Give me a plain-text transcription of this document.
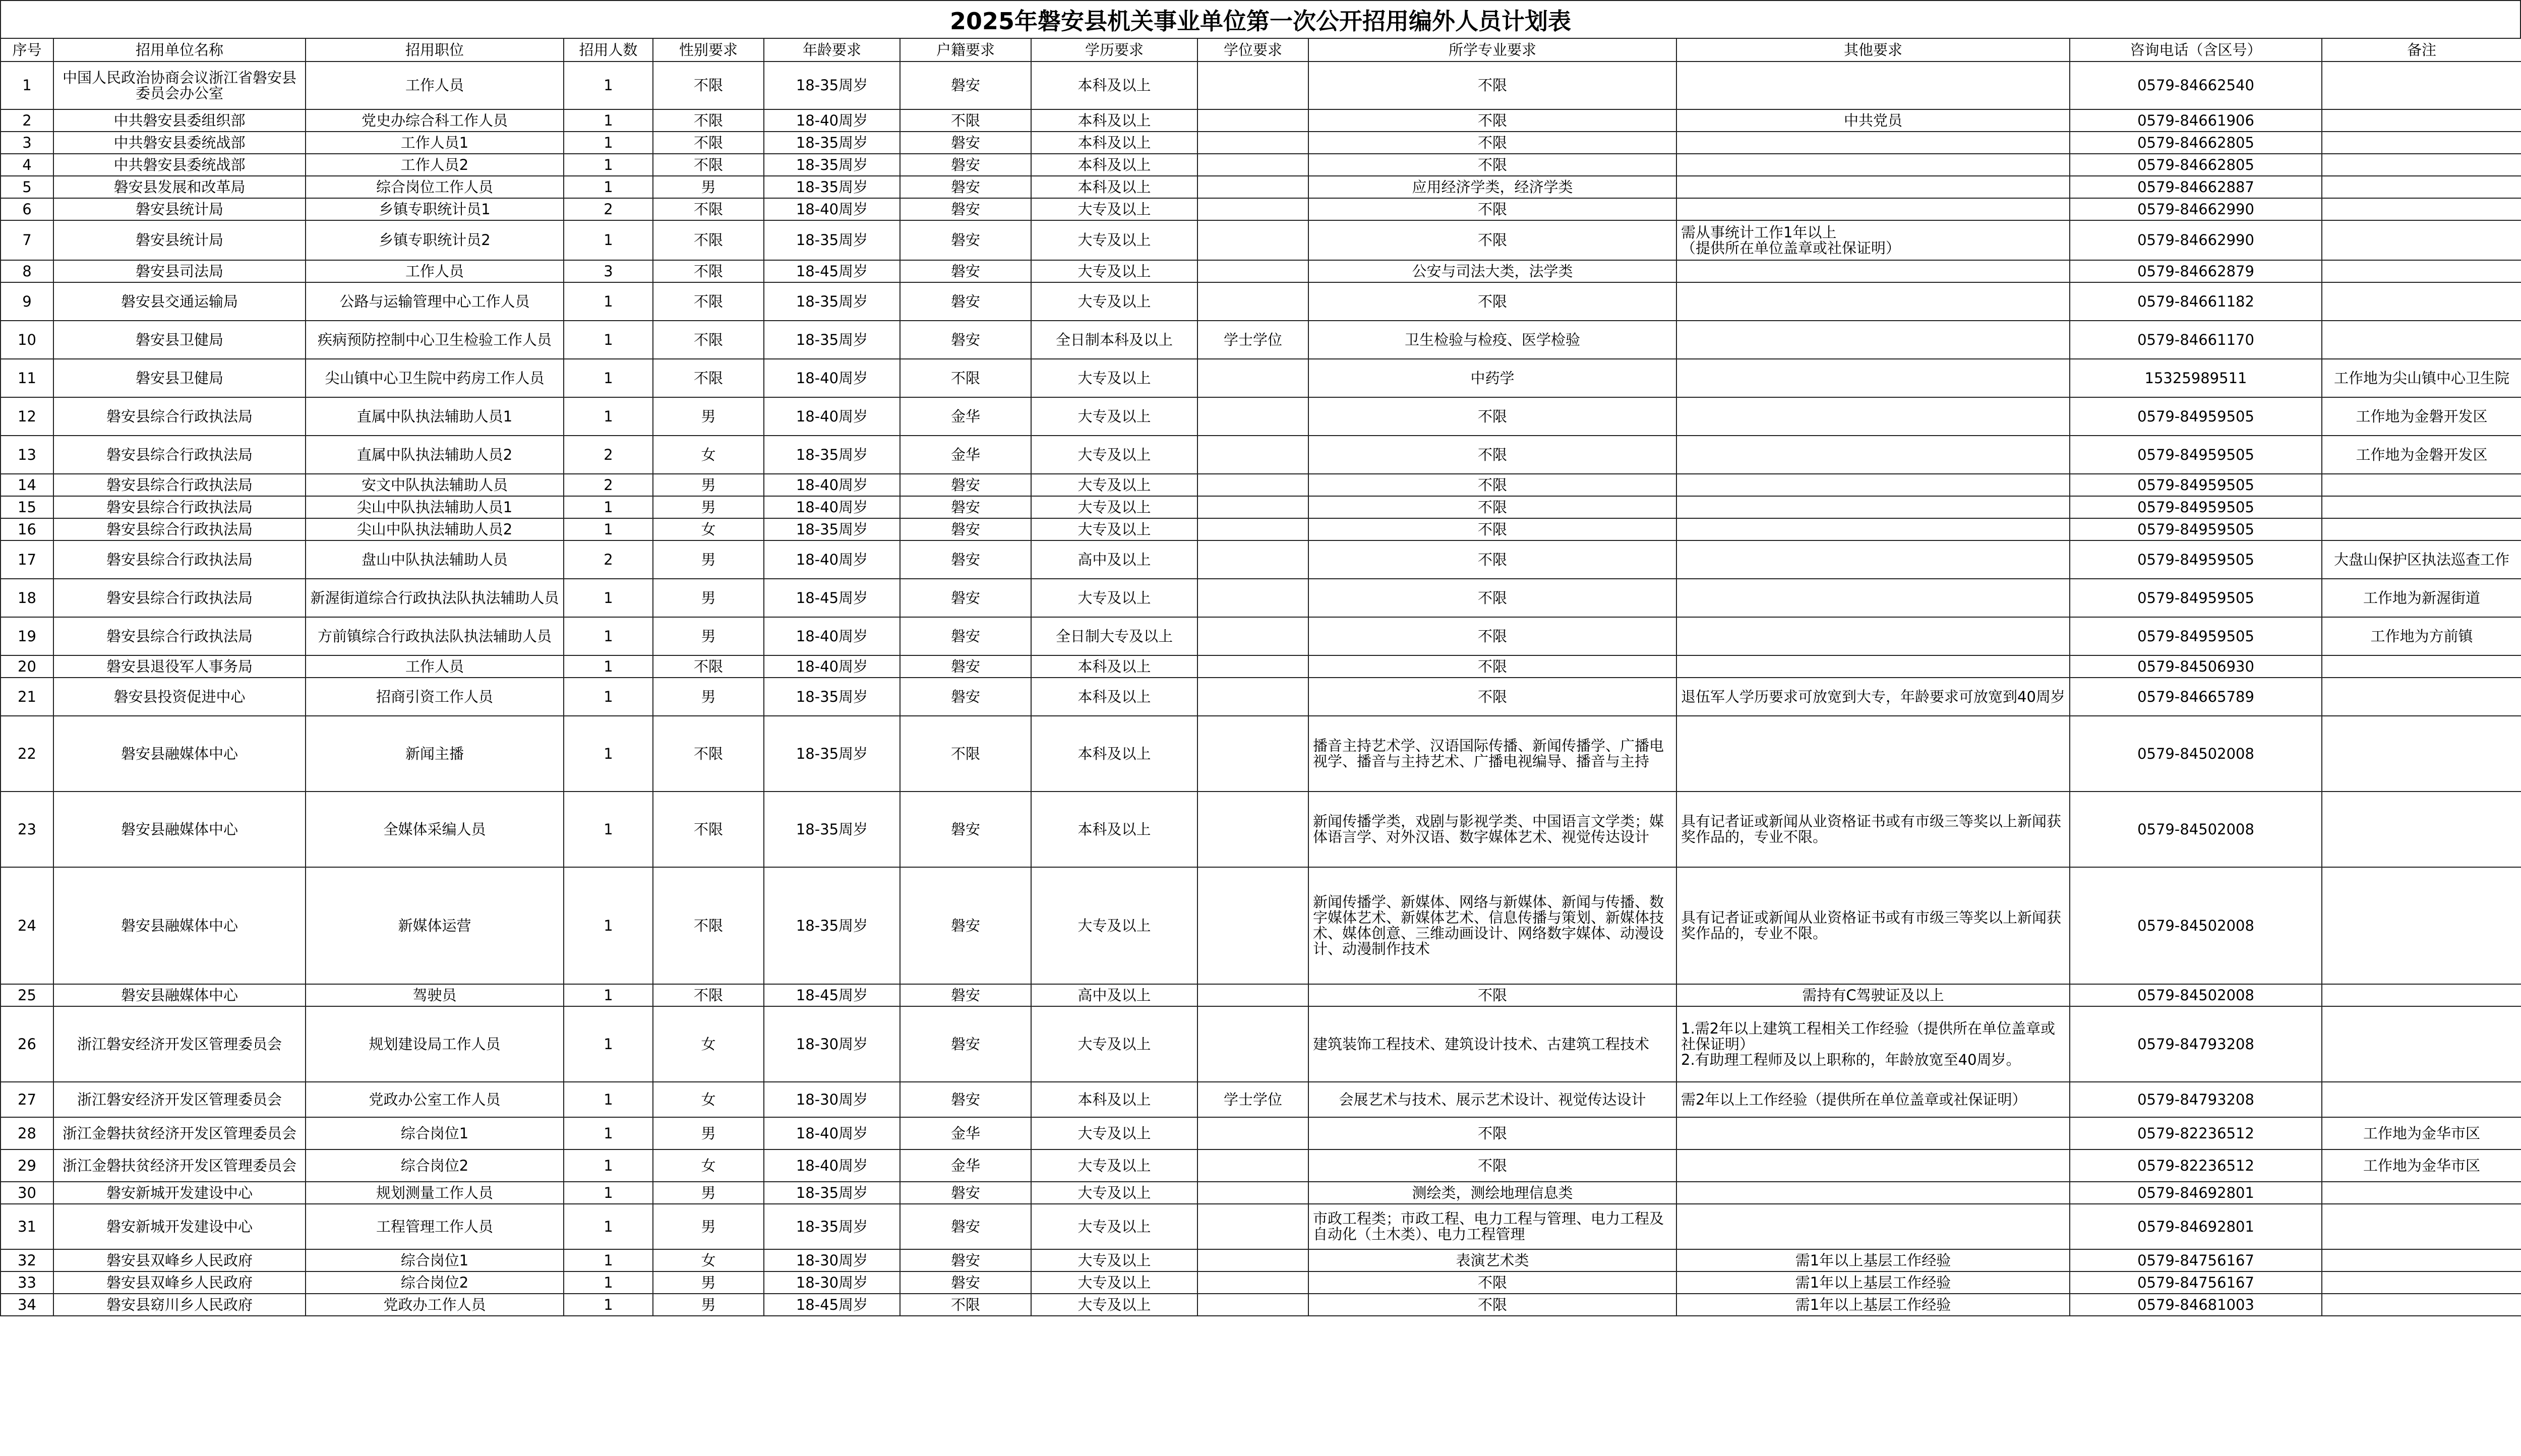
2025年磐安县机关事业单位第一次公开招用编外人员计划表
序号	招用单位名称	招用职位	招用人数	性别要求	年龄要求	户籍要求	学历要求	学位要求	所学专业要求	其他要求	咨询电话（含区号）	备注
1	中国人民政治协商会议浙江省磐安县委员会办公室	工作人员	1	不限	18-35周岁	磐安	本科及以上		不限		0579-84662540	
2	中共磐安县委组织部	党史办综合科工作人员	1	不限	18-40周岁	不限	本科及以上		不限	中共党员	0579-84661906	
3	中共磐安县委统战部	工作人员1	1	不限	18-35周岁	磐安	本科及以上		不限		0579-84662805	
4	中共磐安县委统战部	工作人员2	1	不限	18-35周岁	磐安	本科及以上		不限		0579-84662805	
5	磐安县发展和改革局	综合岗位工作人员	1	男	18-35周岁	磐安	本科及以上		应用经济学类，经济学类		0579-84662887	
6	磐安县统计局	乡镇专职统计员1	2	不限	18-40周岁	磐安	大专及以上		不限		0579-84662990	
7	磐安县统计局	乡镇专职统计员2	1	不限	18-35周岁	磐安	大专及以上		不限	需从事统计工作1年以上
（提供所在单位盖章或社保证明）	0579-84662990	
8	磐安县司法局	工作人员	3	不限	18-45周岁	磐安	大专及以上		公安与司法大类，法学类		0579-84662879	
9	磐安县交通运输局	公路与运输管理中心工作人员	1	不限	18-35周岁	磐安	大专及以上		不限		0579-84661182	
10	磐安县卫健局	疾病预防控制中心卫生检验工作人员	1	不限	18-35周岁	磐安	全日制本科及以上	学士学位	卫生检验与检疫、医学检验		0579-84661170	
11	磐安县卫健局	尖山镇中心卫生院中药房工作人员	1	不限	18-40周岁	不限	大专及以上		中药学		15325989511	工作地为尖山镇中心卫生院
12	磐安县综合行政执法局	直属中队执法辅助人员1	1	男	18-40周岁	金华	大专及以上		不限		0579-84959505	工作地为金磐开发区
13	磐安县综合行政执法局	直属中队执法辅助人员2	2	女	18-35周岁	金华	大专及以上		不限		0579-84959505	工作地为金磐开发区
14	磐安县综合行政执法局	安文中队执法辅助人员	2	男	18-40周岁	磐安	大专及以上		不限		0579-84959505	
15	磐安县综合行政执法局	尖山中队执法辅助人员1	1	男	18-40周岁	磐安	大专及以上		不限		0579-84959505	
16	磐安县综合行政执法局	尖山中队执法辅助人员2	1	女	18-35周岁	磐安	大专及以上		不限		0579-84959505	
17	磐安县综合行政执法局	盘山中队执法辅助人员	2	男	18-40周岁	磐安	高中及以上		不限		0579-84959505	大盘山保护区执法巡查工作
18	磐安县综合行政执法局	新渥街道综合行政执法队执法辅助人员	1	男	18-45周岁	磐安	大专及以上		不限		0579-84959505	工作地为新渥街道
19	磐安县综合行政执法局	方前镇综合行政执法队执法辅助人员	1	男	18-40周岁	磐安	全日制大专及以上		不限		0579-84959505	工作地为方前镇
20	磐安县退役军人事务局	工作人员	1	不限	18-40周岁	磐安	本科及以上		不限		0579-84506930	
21	磐安县投资促进中心	招商引资工作人员	1	男	18-35周岁	磐安	本科及以上		不限	退伍军人学历要求可放宽到大专，年龄要求可放宽到40周岁	0579-84665789	
22	磐安县融媒体中心	新闻主播	1	不限	18-35周岁	不限	本科及以上		播音主持艺术学、汉语国际传播、新闻传播学、广播电视学、播音与主持艺术、广播电视编导、播音与主持		0579-84502008	
23	磐安县融媒体中心	全媒体采编人员	1	不限	18-35周岁	磐安	本科及以上		新闻传播学类，戏剧与影视学类、中国语言文学类；媒体语言学、对外汉语、数字媒体艺术、视觉传达设计	具有记者证或新闻从业资格证书或有市级三等奖以上新闻获奖作品的，专业不限。	0579-84502008	
24	磐安县融媒体中心	新媒体运营	1	不限	18-35周岁	磐安	大专及以上		新闻传播学、新媒体、网络与新媒体、新闻与传播、数字媒体艺术、新媒体艺术、信息传播与策划、新媒体技术、媒体创意、三维动画设计、网络数字媒体、动漫设计、动漫制作技术	具有记者证或新闻从业资格证书或有市级三等奖以上新闻获奖作品的，专业不限。	0579-84502008	
25	磐安县融媒体中心	驾驶员	1	不限	18-45周岁	磐安	高中及以上		不限	需持有C驾驶证及以上	0579-84502008	
26	浙江磐安经济开发区管理委员会	规划建设局工作人员	1	女	18-30周岁	磐安	大专及以上		建筑装饰工程技术、建筑设计技术、古建筑工程技术	1.需2年以上建筑工程相关工作经验（提供所在单位盖章或社保证明）
2.有助理工程师及以上职称的，年龄放宽至40周岁。	0579-84793208	
27	浙江磐安经济开发区管理委员会	党政办公室工作人员	1	女	18-30周岁	磐安	本科及以上	学士学位	会展艺术与技术、展示艺术设计、视觉传达设计	需2年以上工作经验（提供所在单位盖章或社保证明）	0579-84793208	
28	浙江金磐扶贫经济开发区管理委员会	综合岗位1	1	男	18-40周岁	金华	大专及以上		不限		0579-82236512	工作地为金华市区
29	浙江金磐扶贫经济开发区管理委员会	综合岗位2	1	女	18-40周岁	金华	大专及以上		不限		0579-82236512	工作地为金华市区
30	磐安新城开发建设中心	规划测量工作人员	1	男	18-35周岁	磐安	大专及以上		测绘类，测绘地理信息类		0579-84692801	
31	磐安新城开发建设中心	工程管理工作人员	1	男	18-35周岁	磐安	大专及以上		市政工程类；市政工程、电力工程与管理、电力工程及自动化（土木类）、电力工程管理		0579-84692801	
32	磐安县双峰乡人民政府	综合岗位1	1	女	18-30周岁	磐安	大专及以上		表演艺术类	需1年以上基层工作经验	0579-84756167	
33	磐安县双峰乡人民政府	综合岗位2	1	男	18-30周岁	磐安	大专及以上		不限	需1年以上基层工作经验	0579-84756167	
34	磐安县窈川乡人民政府	党政办工作人员	1	男	18-45周岁	不限	大专及以上		不限	需1年以上基层工作经验	0579-84681003	
